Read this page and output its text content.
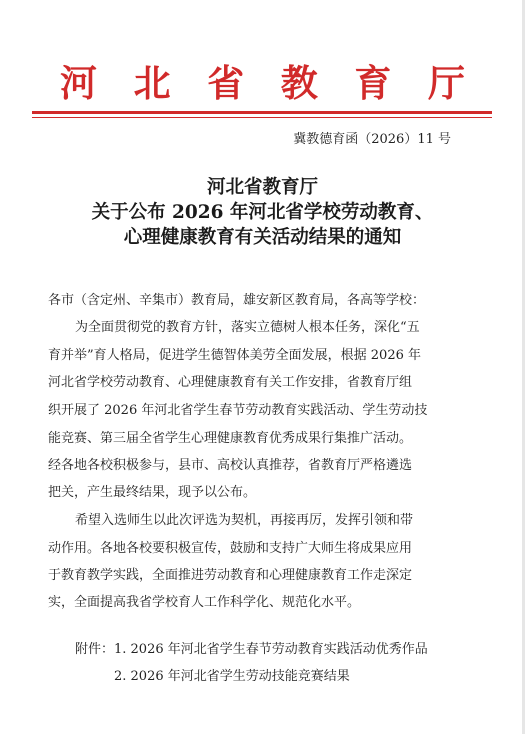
河 北 省 教 育 厅
冀教德育函（2026）11 号
河北省教育厅
关于公布 2026 年河北省学校劳动教育、
心理健康教育有关活动结果的通知
各市（含定州、辛集市）教育局，雄安新区教育局，各高等学校：
为全面贯彻党的教育方针，落实立德树人根本任务，深化“五
育并举”育人格局，促进学生德智体美劳全面发展，根据 2026 年
河北省学校劳动教育、心理健康教育有关工作安排，省教育厅组
织开展了 2026 年河北省学生春节劳动教育实践活动、学生劳动技
能竞赛、第三届全省学生心理健康教育优秀成果行集推广活动。
经各地各校积极参与，县市、高校认真推荐，省教育厅严格遴选
把关，产生最终结果，现予以公布。
希望入选师生以此次评选为契机，再接再厉，发挥引领和带
动作用。各地各校要积极宣传，鼓励和支持广大师生将成果应用
于教育教学实践，全面推进劳动教育和心理健康教育工作走深定
实，全面提高我省学校育人工作科学化、规范化水平。
附件： 1. 2026 年河北省学生春节劳动教育实践活动优秀作品
2. 2026 年河北省学生劳动技能竞赛结果
